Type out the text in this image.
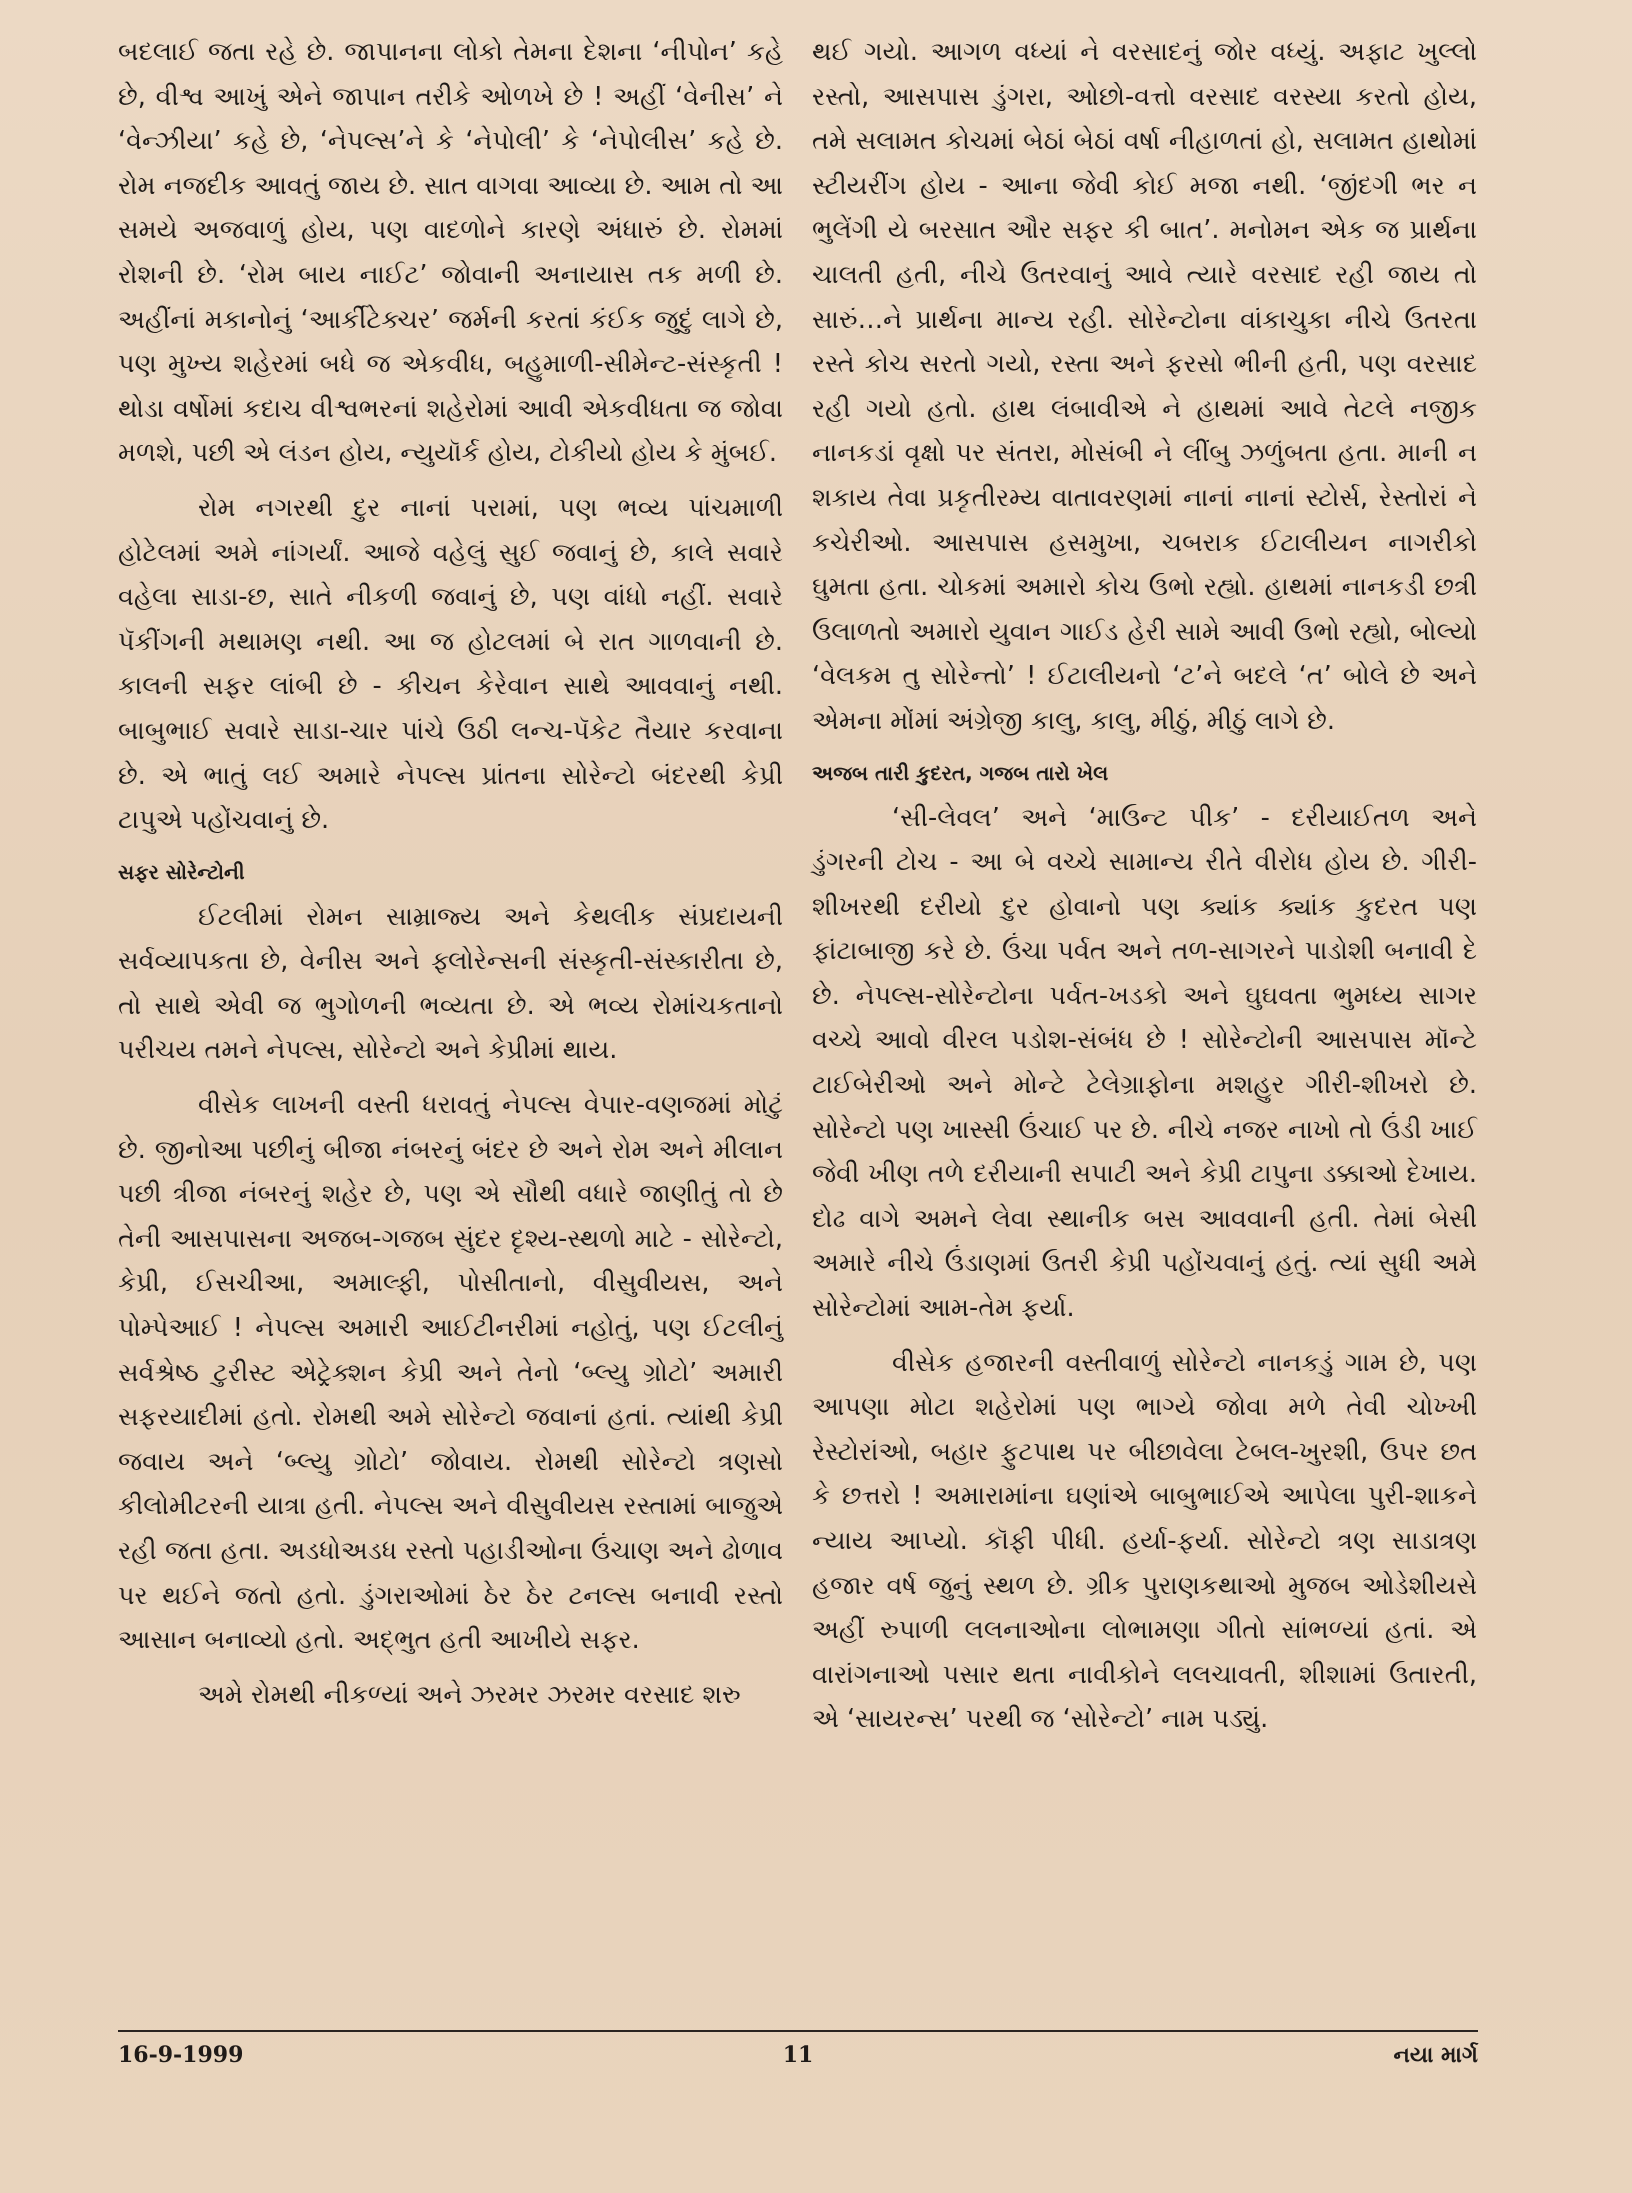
બદલાઈ જતા રહે છે. જાપાનના લોકો તેમના દેશના ‘નીપોન’ કહે છે, વીશ્વ આખું એને જાપાન તરીકે ઓળખે છે ! અહીં ‘વેનીસ’ ને ‘વેન્ઝીયા’ કહે છે, ‘નેપલ્સ’ને કે ‘નેપોલી’ કે ‘નેપોલીસ’ કહે છે. રોમ નજદીક આવતું જાય છે. સાત વાગવા આવ્યા છે. આમ તો આ સમયે અજવાળું હોય, પણ વાદળોને કારણે અંધારું છે. રોમમાં રોશની છે. ‘રોમ બાય નાઈટ’ જોવાની અનાયાસ તક મળી છે. અહીંનાં મકાનોનું ‘આર્કીટેક્ચર’ જર્મની કરતાં કંઈક જુદું લાગે છે, પણ મુખ્ય શહેરમાં બધે જ એકવીધ, બહુમાળી-સીમેન્ટ-સંસ્કૃતી ! થોડા વર્ષોમાં કદાચ વીશ્વભરનાં શહેરોમાં આવી એકવીધતા જ જોવા મળશે, પછી એ લંડન હોય, ન્યુયૉર્ક હોય, ટોકીયો હોય કે મુંબઈ.

રોમ નગરથી દુર નાનાં પરામાં, પણ ભવ્ય પાંચમાળી હોટેલમાં અમે નાંગર્યાં. આજે વહેલું સુઈ જવાનું છે, કાલે સવારે વહેલા સાડા-છ, સાતે નીકળી જવાનું છે, પણ વાંધો નહીં. સવારે પૅકીંગની મથામણ નથી. આ જ હોટલમાં બે રાત ગાળવાની છે. કાલની સફર લાંબી છે - કીચન કેરેવાન સાથે આવવાનું નથી. બાબુભાઈ સવારે સાડા-ચાર પાંચે ઉઠી લન્ચ-પૅકેટ તૈયાર કરવાના છે. એ ભાતું લઈ અમારે નેપલ્સ પ્રાંતના સોરેન્ટો બંદરથી કેપ્રી ટાપુએ પહોંચવાનું છે.

સફર સોરેન્ટોની

ઈટલીમાં રોમન સામ્રાજ્ય અને કેથલીક સંપ્રદાયની સર્વવ્યાપકતા છે, વેનીસ અને ફ્લોરેન્સની સંસ્કૃતી-સંસ્કારીતા છે, તો સાથે એવી જ ભુગોળની ભવ્યતા છે. એ ભવ્ય રોમાંચકતાનો પરીચય તમને નેપલ્સ, સોરેન્ટો અને કેપ્રીમાં થાય.

વીસેક લાખની વસ્તી ધરાવતું નેપલ્સ વેપાર-વણજમાં મોટું છે. જીનોઆ પછીનું બીજા નંબરનું બંદર છે અને રોમ અને મીલાન પછી ત્રીજા નંબરનું શહેર છે, પણ એ સૌથી વધારે જાણીતું તો છે તેની આસપાસના અજબ-ગજબ સુંદર દૃશ્ય-સ્થળો માટે - સોરેન્ટો, કેપ્રી, ઈસચીઆ, અમાલ્ફી, પોસીતાનો, વીસુવીયસ, અને પોમ્પેઆઈ ! નેપલ્સ અમારી આઈટીનરીમાં નહોતું, પણ ઈટલીનું સર્વશ્રેષ્ઠ ટુરીસ્ટ એટ્રેક્શન કેપ્રી અને તેનો ‘બ્લ્યુ ગ્રોટો’ અમારી સફરયાદીમાં હતો. રોમથી અમે સોરેન્ટો જવાનાં હતાં. ત્યાંથી કેપ્રી જવાય અને ‘બ્લ્યુ ગ્રોટો’ જોવાય. રોમથી સોરેન્ટો ત્રણસો કીલોમીટરની યાત્રા હતી. નેપલ્સ અને વીસુવીયસ રસ્તામાં બાજુએ રહી જતા હતા. અડધોઅડધ રસ્તો પહાડીઓના ઉંચાણ અને ઢોળાવ પર થઈને જતો હતો. ડુંગરાઓમાં ઠેર ઠેર ટનલ્સ બનાવી રસ્તો આસાન બનાવ્યો હતો. અદ્ભુત હતી આખીયે સફર.

અમે રોમથી નીકળ્યાં અને ઝરમર ઝરમર વરસાદ શરુ

થઈ ગયો. આગળ વધ્યાં ને વરસાદનું જોર વધ્યું. અફાટ ખુલ્લો રસ્તો, આસપાસ ડુંગરા, ઓછો-વત્તો વરસાદ વરસ્યા કરતો હોય, તમે સલામત કોચમાં બેઠાં બેઠાં વર્ષા નીહાળતાં હો, સલામત હાથોમાં સ્ટીયરીંગ હોય - આના જેવી કોઈ મજા નથી. ‘જીંદગી ભર ન ભુલેંગી યે બરસાત ઔર સફર કી બાત’. મનોમન એક જ પ્રાર્થના ચાલતી હતી, નીચે ઉતરવાનું આવે ત્યારે વરસાદ રહી જાય તો સારું…ને પ્રાર્થના માન્ય રહી. સોરેન્ટોના વાંકાચુકા નીચે ઉતરતા રસ્તે કોચ સરતો ગયો, રસ્તા અને ફરસો ભીની હતી, પણ વરસાદ રહી ગયો હતો. હાથ લંબાવીએ ને હાથમાં આવે તેટલે નજીક નાનકડાં વૃક્ષો પર સંતરા, મોસંબી ને લીંબુ ઝળુંબતા હતા. માની ન શકાય તેવા પ્રકૃતીરમ્ય વાતાવરણમાં નાનાં નાનાં સ્ટોર્સ, રેસ્તોરાં ને કચેરીઓ. આસપાસ હસમુખા, ચબરાક ઈટાલીયન નાગરીકો ઘુમતા હતા. ચોકમાં અમારો કોચ ઉભો રહ્યો. હાથમાં નાનકડી છત્રી ઉલાળતો અમારો યુવાન ગાઈડ હેરી સામે આવી ઉભો રહ્યો, બોલ્યો ‘વેલકમ તુ સોરેન્તો’ ! ઈટાલીયનો ‘ટ’ને બદલે ‘ત’ બોલે છે અને એમના મોંમાં અંગ્રેજી કાલુ, કાલુ, મીઠું, મીઠું લાગે છે.

અજબ તારી કુદરત, ગજબ તારો ખેલ

‘સી-લેવલ’ અને ‘માઉન્ટ પીક’ - દરીયાઈતળ અને ડુંગરની ટોચ - આ બે વચ્ચે સામાન્ય રીતે વીરોધ હોય છે. ગીરી-શીખરથી દરીયો દુર હોવાનો પણ ક્યાંક ક્યાંક કુદરત પણ ફાંટાબાજી કરે છે. ઉંચા પર્વત અને તળ-સાગરને પાડોશી બનાવી દે છે. નેપલ્સ-સોરેન્ટોના પર્વત-ખડકો અને ઘુઘવતા ભુમધ્ય સાગર વચ્ચે આવો વીરલ પડોશ-સંબંધ છે ! સોરેન્ટોની આસપાસ મૉન્ટે ટાઈબેરીઓ અને મોન્ટે ટેલેગ્રાફોના મશહુર ગીરી-શીખરો છે. સોરેન્ટો પણ ખાસ્સી ઉંચાઈ પર છે. નીચે નજર નાખો તો ઉંડી ખાઈ જેવી ખીણ તળે દરીયાની સપાટી અને કેપ્રી ટાપુના ડક્કાઓ દેખાય. દોઢ વાગે અમને લેવા સ્થાનીક બસ આવવાની હતી. તેમાં બેસી અમારે નીચે ઉંડાણમાં ઉતરી કેપ્રી પહોંચવાનું હતું. ત્યાં સુધી અમે સોરેન્ટોમાં આમ-તેમ ફર્યા.

વીસેક હજારની વસ્તીવાળું સોરેન્ટો નાનકડું ગામ છે, પણ આપણા મોટા શહેરોમાં પણ ભાગ્યે જોવા મળે તેવી ચોખ્ખી રેસ્ટોરાંઓ, બહાર ફુટપાથ પર બીછાવેલા ટેબલ-ખુરશી, ઉપર છત કે છત્તરો ! અમારામાંના ઘણાંએ બાબુભાઈએ આપેલા પુરી-શાકને ન્યાય આપ્યો. કૉફી પીધી. હર્યા-ફર્યા. સોરેન્ટો ત્રણ સાડાત્રણ હજાર વર્ષ જુનું સ્થળ છે. ગ્રીક પુરાણકથાઓ મુજબ ઓડેશીયસે અહીં રુપાળી લલનાઓના લોભામણા ગીતો સાંભળ્યાં હતાં. એ વારાંગનાઓ પસાર થતા નાવીકોને લલચાવતી, શીશામાં ઉતારતી, એ ‘સાયરન્સ’ પરથી જ ‘સોરેન્ટો’ નામ પડ્યું.

16-9-1999	11	નયા માર્ગ
